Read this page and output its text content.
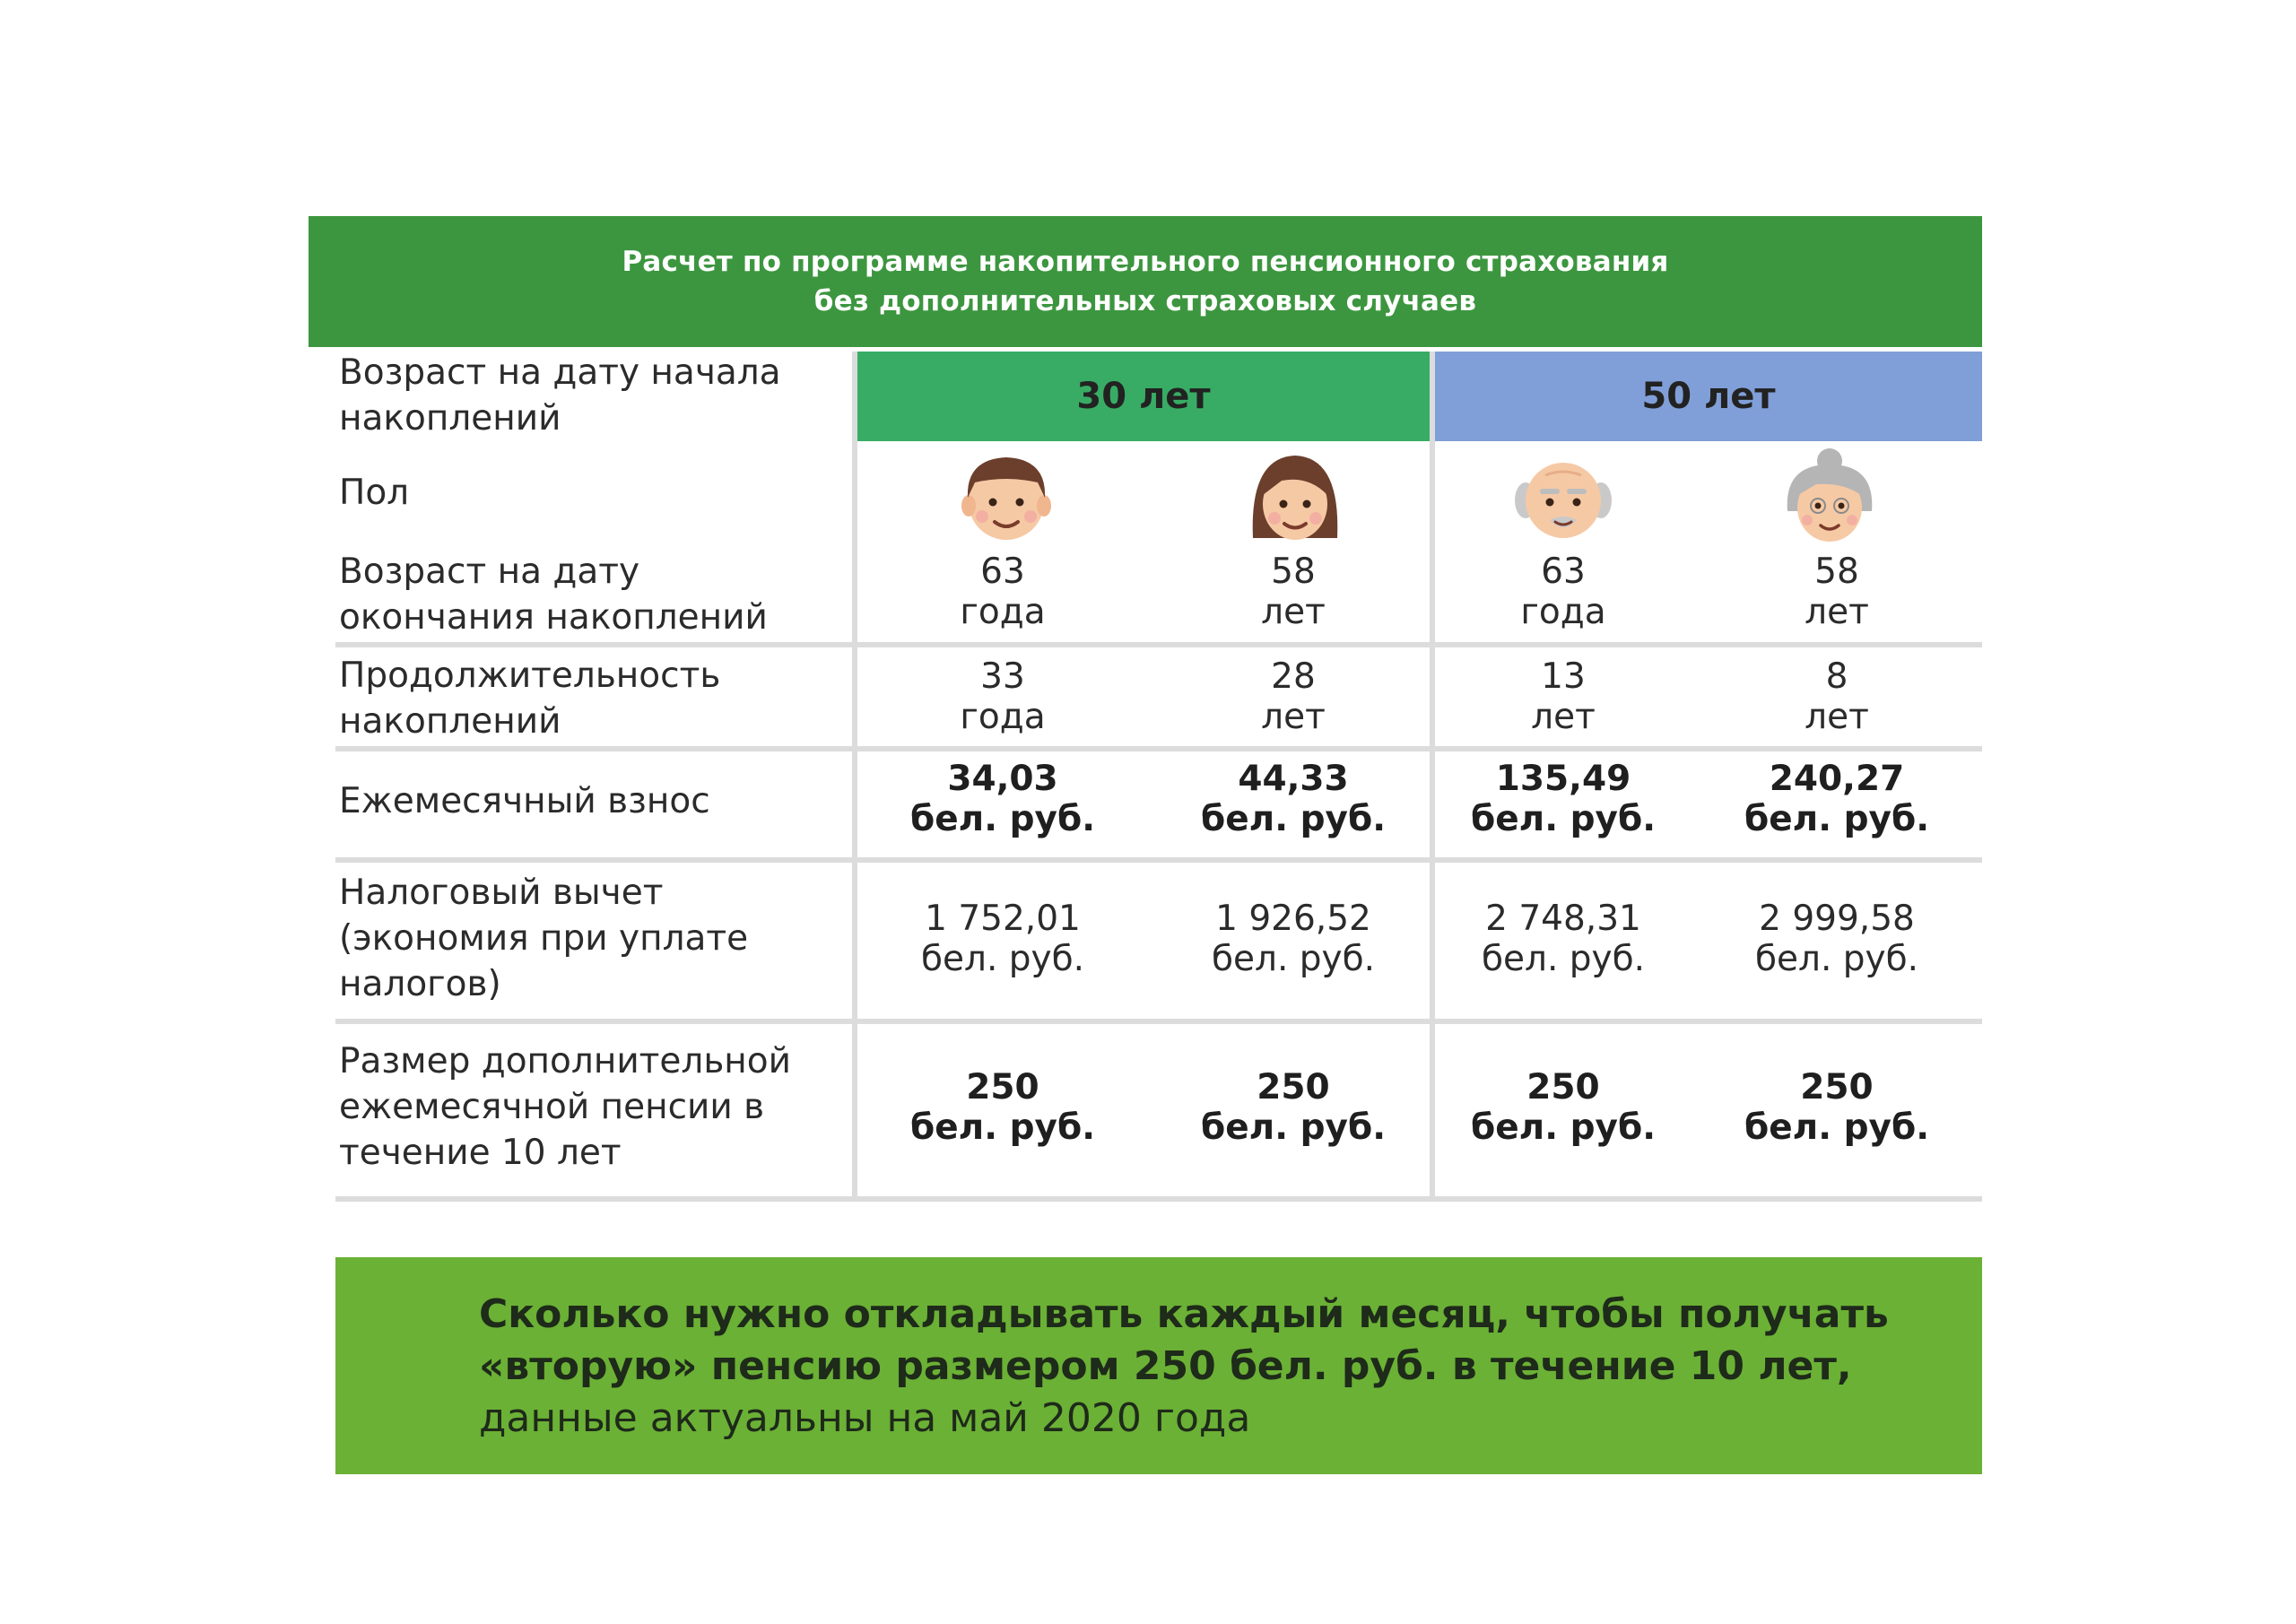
Расчет по программе накопительного пенсионного страхования
без дополнительных страховых случаев
30 лет	50 лет
Возраст на дату начала накоплений
Пол
Возраст на дату окончания накоплений
Продолжительность накоплений
Ежемесячный взнос
Налоговый вычет (экономия при уплате налогов)
Размер дополнительной ежемесячной пенсии в течение 10 лет
63
года
58
лет
63
года
58
лет
33
года
28
лет
13
лет
8
лет
34,03
бел. руб.
44,33
бел. руб.
135,49
бел. руб.
240,27
бел. руб.
1 752,01
бел. руб.
1 926,52
бел. руб.
2 748,31
бел. руб.
2 999,58
бел. руб.
250
бел. руб.
250
бел. руб.
250
бел. руб.
250
бел. руб.
Сколько нужно откладывать каждый месяц, чтобы получать
«вторую» пенсию размером 250 бел. руб. в течение 10 лет,
данные актуальны на май 2020 года
